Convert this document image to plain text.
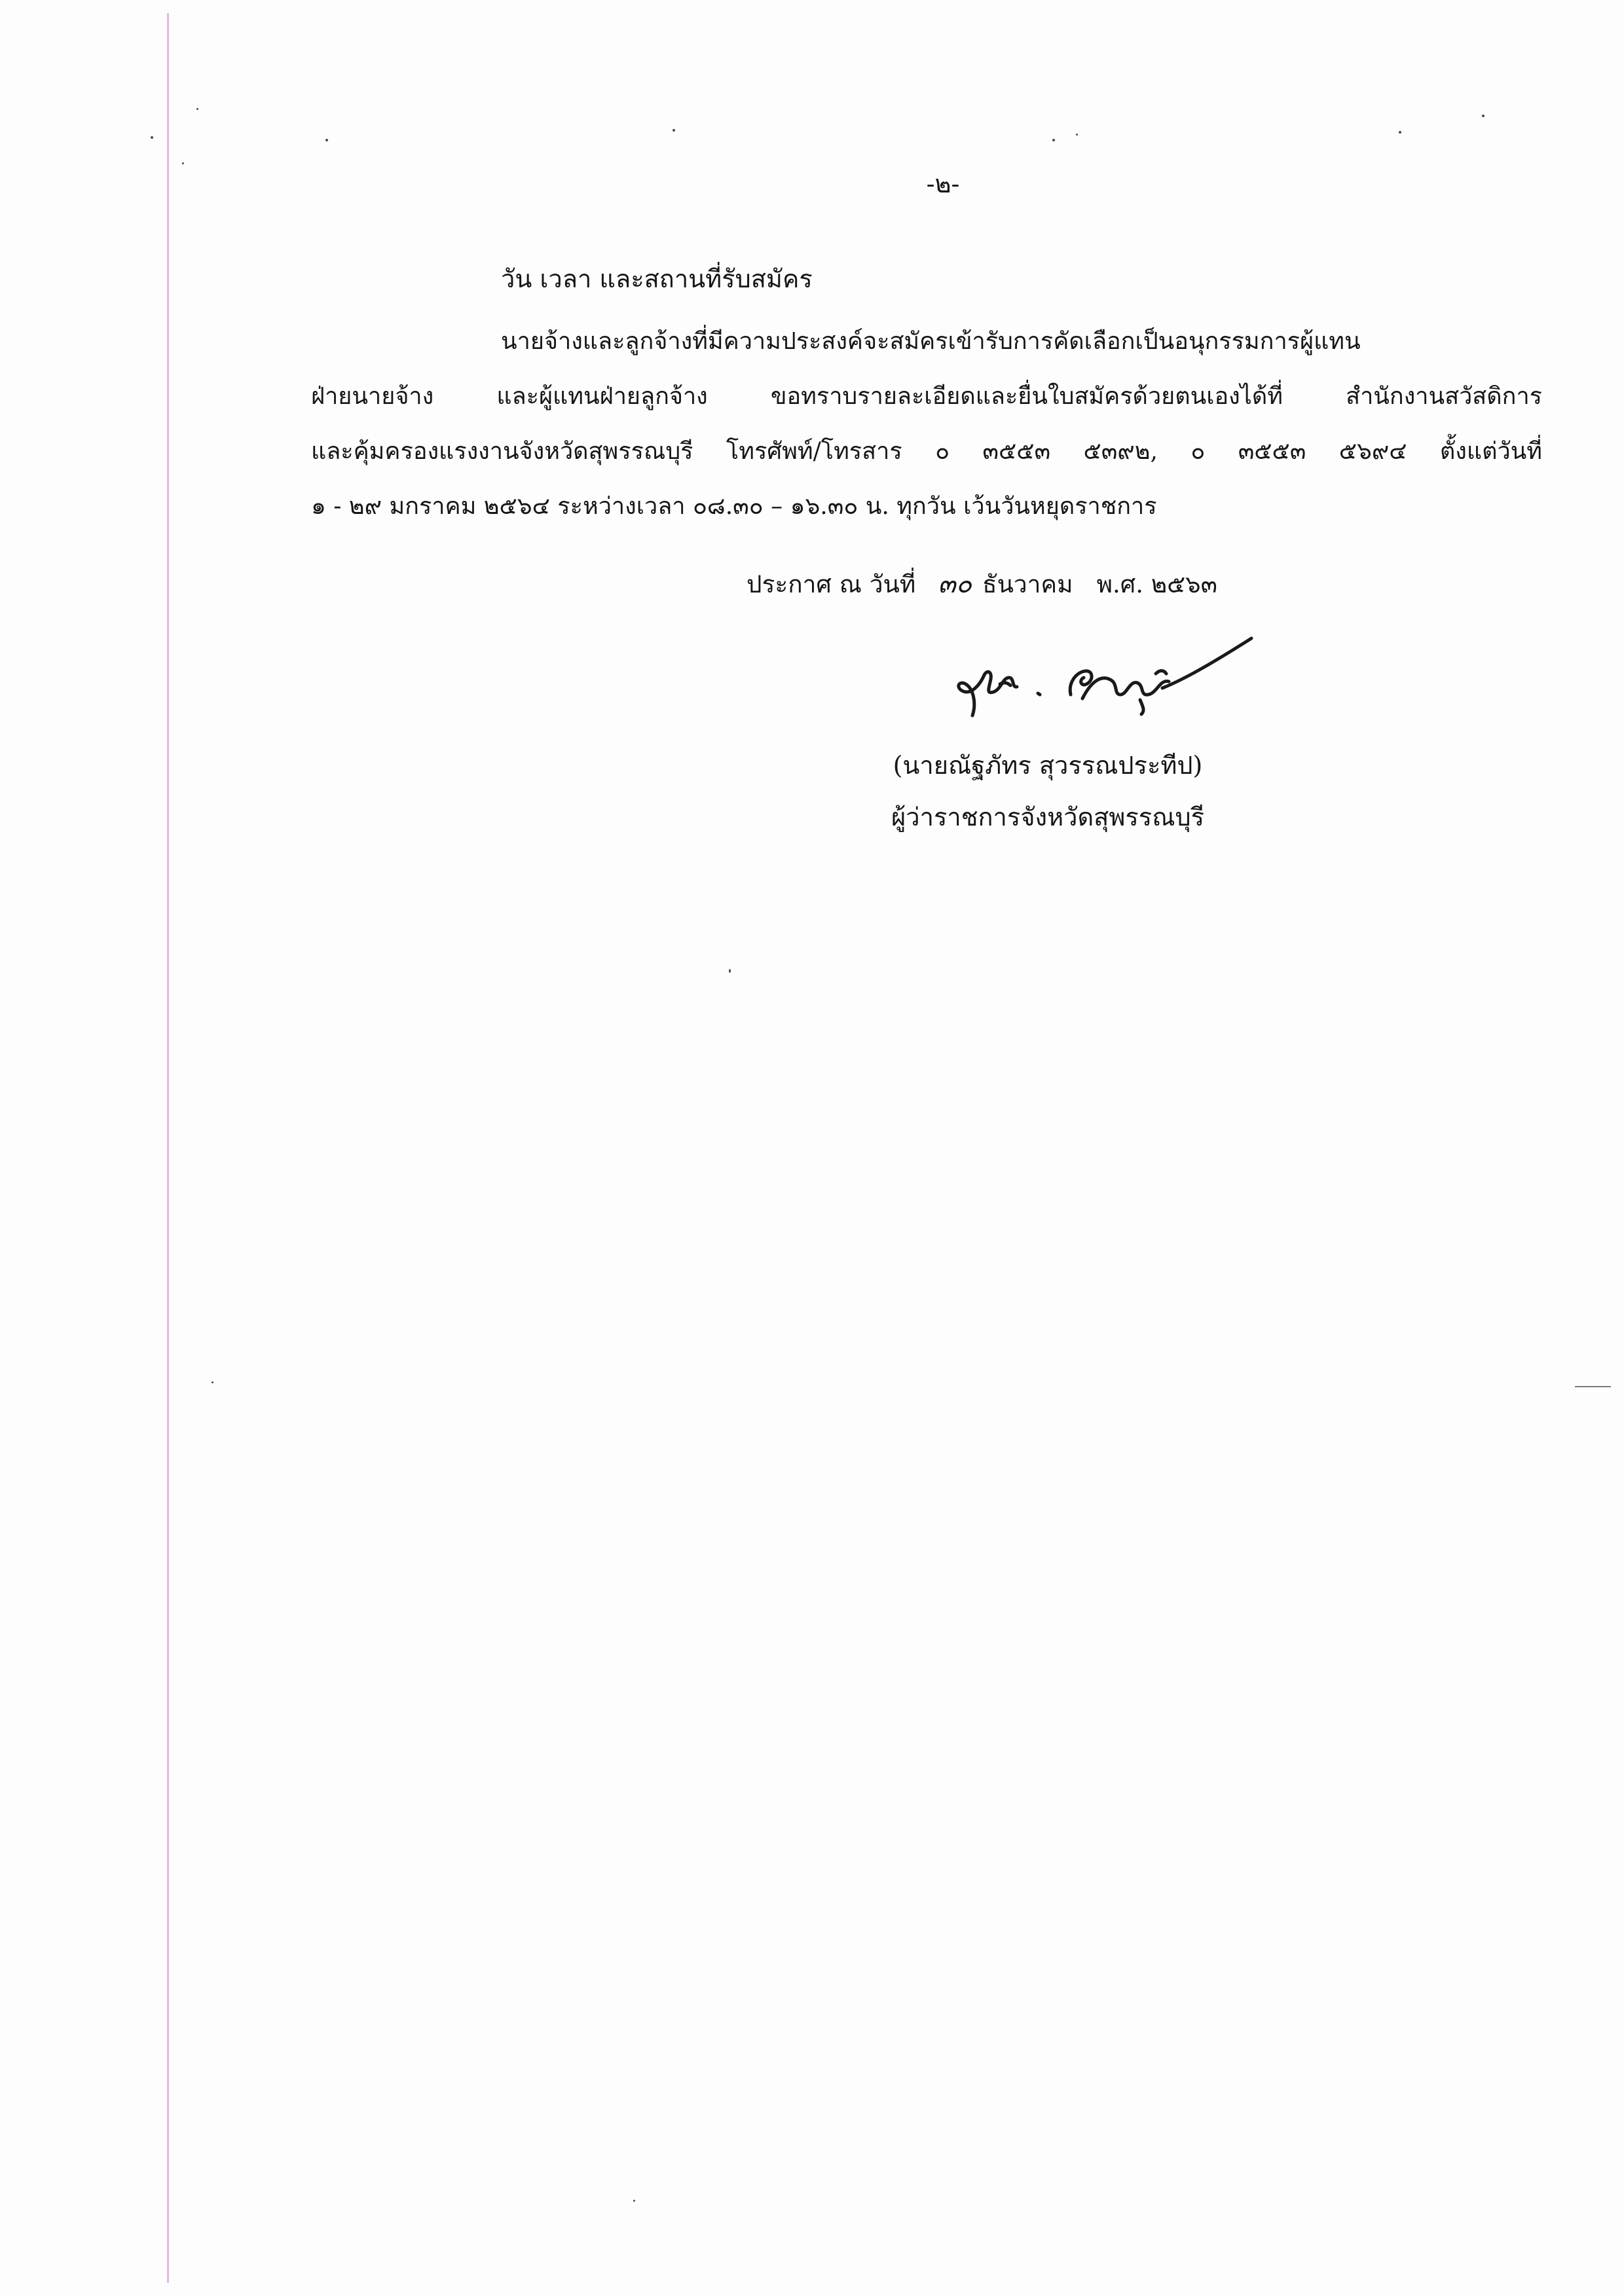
-๒-
วัน เวลา และสถานที่รับสมัคร
นายจ้างและลูกจ้างที่มีความประสงค์จะสมัครเข้ารับการคัดเลือกเป็นอนุกรรมการผู้แทน
ฝ่ายนายจ้าง และผู้แทนฝ่ายลูกจ้าง ขอทราบรายละเอียดและยื่นใบสมัครด้วยตนเองได้ที่ สำนักงานสวัสดิการ
และคุ้มครองแรงงานจังหวัดสุพรรณบุรี โทรศัพท์/โทรสาร ๐ ๓๕๕๓ ๕๓๙๒, ๐ ๓๕๕๓ ๕๖๙๔ ตั้งแต่วันที่
๑ - ๒๙ มกราคม ๒๕๖๔ ระหว่างเวลา ๐๘.๓๐ – ๑๖.๓๐ น. ทุกวัน เว้นวันหยุดราชการ
ประกาศ ณ วันที่ ๓๐ ธันวาคม พ.ศ. ๒๕๖๓
(นายณัฐภัทร สุวรรณประทีป)
ผู้ว่าราชการจังหวัดสุพรรณบุรี
